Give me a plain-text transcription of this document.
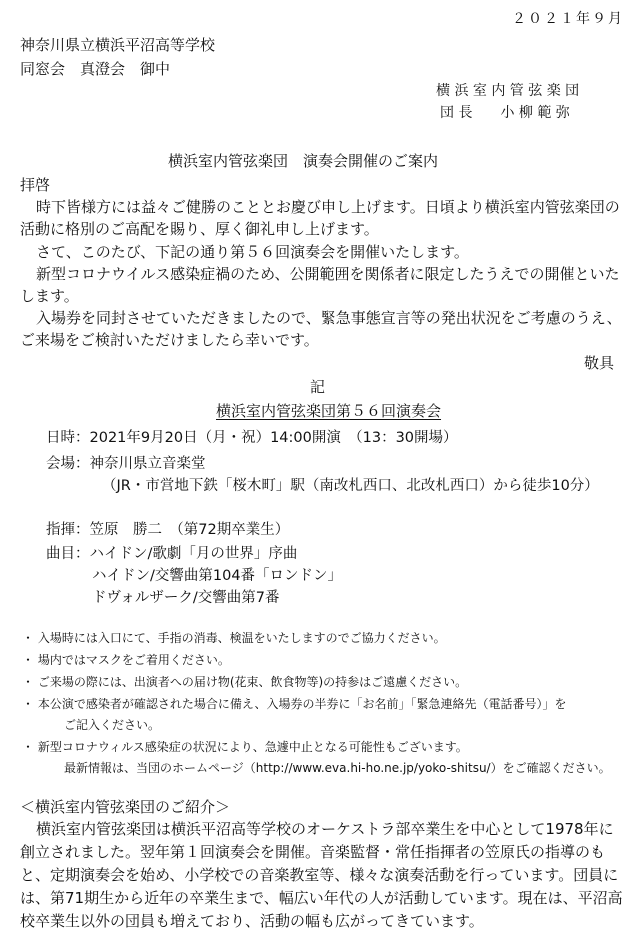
２０２１年９月
神奈川県立横浜平沼高等学校
同窓会　真澄会　御中
横 浜 室 内 管 弦 楽 団
団 長　　小 柳 範 弥
横浜室内管弦楽団　演奏会開催のご案内
拝啓
時下皆様方には益々ご健勝のこととお慶び申し上げます。日頃より横浜室内管弦楽団の
活動に格別のご高配を賜り、厚く御礼申し上げます。
さて、このたび、下記の通り第５６回演奏会を開催いたします。
新型コロナウイルス感染症禍のため、公開範囲を関係者に限定したうえでの開催といた
します。
入場券を同封させていただきましたので、緊急事態宣言等の発出状況をご考慮のうえ、
ご来場をご検討いただけましたら幸いです。
敬具
記
横浜室内管弦楽団第５６回演奏会
日時：2021年9月20日（月・祝）14:00開演　（13：30開場）
会場：神奈川県立音楽堂
（JR・市営地下鉄「桜木町」駅（南改札西口、北改札西口）から徒歩10分）
指揮：笠原　勝二　（第72期卒業生）
曲目：ハイドン/歌劇「月の世界」序曲
ハイドン/交響曲第104番「ロンドン」
ドヴォルザーク/交響曲第7番
・ 入場時には入口にて、手指の消毒、検温をいたしますのでご協力ください。
・ 場内ではマスクをご着用ください。
・ ご来場の際には、出演者への届け物(花束、飲食物等)の持参はご遠慮ください。
・ 本公演で感染者が確認された場合に備え、入場券の半券に「お名前」「緊急連絡先（電話番号）」を
ご記入ください。
・ 新型コロナウィルス感染症の状況により、急遽中止となる可能性もございます。
最新情報は、当団のホームページ（http://www.eva.hi-ho.ne.jp/yoko-shitsu/）をご確認ください。
＜横浜室内管弦楽団のご紹介＞
横浜室内管弦楽団は横浜平沼高等学校のオーケストラ部卒業生を中心として1978年に
創立されました。翌年第１回演奏会を開催。音楽監督・常任指揮者の笠原氏の指導のも
と、定期演奏会を始め、小学校での音楽教室等、様々な演奏活動を行っています。団員に
は、第71期生から近年の卒業生まで、幅広い年代の人が活動しています。現在は、平沼高
校卒業生以外の団員も増えており、活動の幅も広がってきています。
